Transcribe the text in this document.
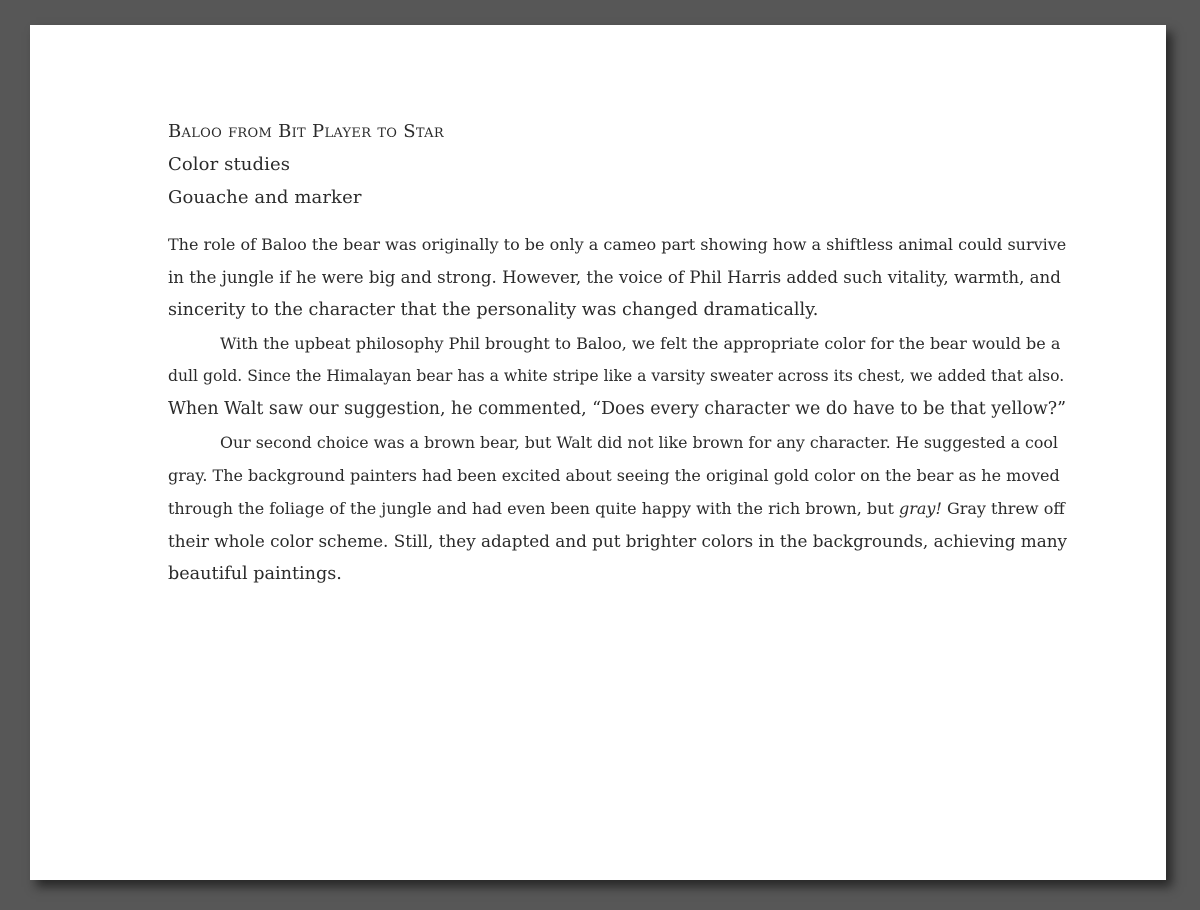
Baloo from Bit Player to Star
Color studies
Gouache and marker
The role of Baloo the bear was originally to be only a cameo part showing how a shiftless animal could survive
in the jungle if he were big and strong. However, the voice of Phil Harris added such vitality, warmth, and
sincerity to the character that the personality was changed dramatically.
With the upbeat philosophy Phil brought to Baloo, we felt the appropriate color for the bear would be a
dull gold. Since the Himalayan bear has a white stripe like a varsity sweater across its chest, we added that also.
When Walt saw our suggestion, he commented, “Does every character we do have to be that yellow?”
Our second choice was a brown bear, but Walt did not like brown for any character. He suggested a cool
gray. The background painters had been excited about seeing the original gold color on the bear as he moved
through the foliage of the jungle and had even been quite happy with the rich brown, but gray! Gray threw off
their whole color scheme. Still, they adapted and put brighter colors in the backgrounds, achieving many
beautiful paintings.
